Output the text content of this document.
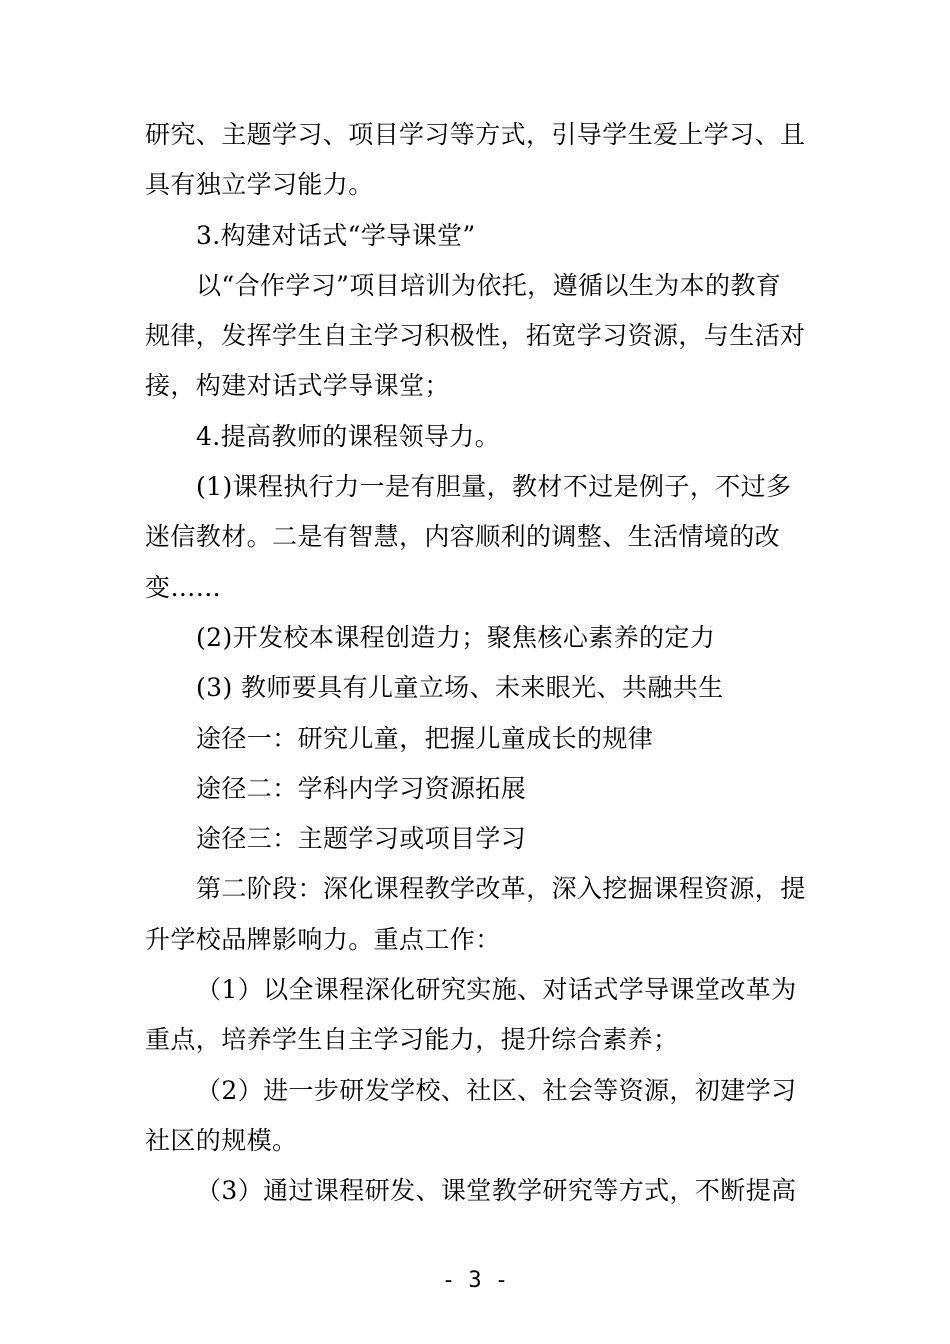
研究、主题学习、项目学习等方式，引导学生爱上学习、且
具有独立学习能力。
3.构建对话式“学导课堂”
以“合作学习”项目培训为依托，遵循以生为本的教育
规律，发挥学生自主学习积极性，拓宽学习资源，与生活对
接，构建对话式学导课堂；
4.提高教师的课程领导力。
(1)课程执行力一是有胆量，教材不过是例子，不过多
迷信教材。二是有智慧，内容顺利的调整、生活情境的改
变……
(2)开发校本课程创造力；聚焦核心素养的定力
(3) 教师要具有儿童立场、未来眼光、共融共生
途径一：研究儿童，把握儿童成长的规律
途径二：学科内学习资源拓展
途径三：主题学习或项目学习
第二阶段：深化课程教学改革，深入挖掘课程资源，提
升学校品牌影响力。重点工作：
（1）以全课程深化研究实施、对话式学导课堂改革为
重点，培养学生自主学习能力，提升综合素养；
（2）进一步研发学校、社区、社会等资源，初建学习
社区的规模。
（3）通过课程研发、课堂教学研究等方式，不断提高
- 3 -
